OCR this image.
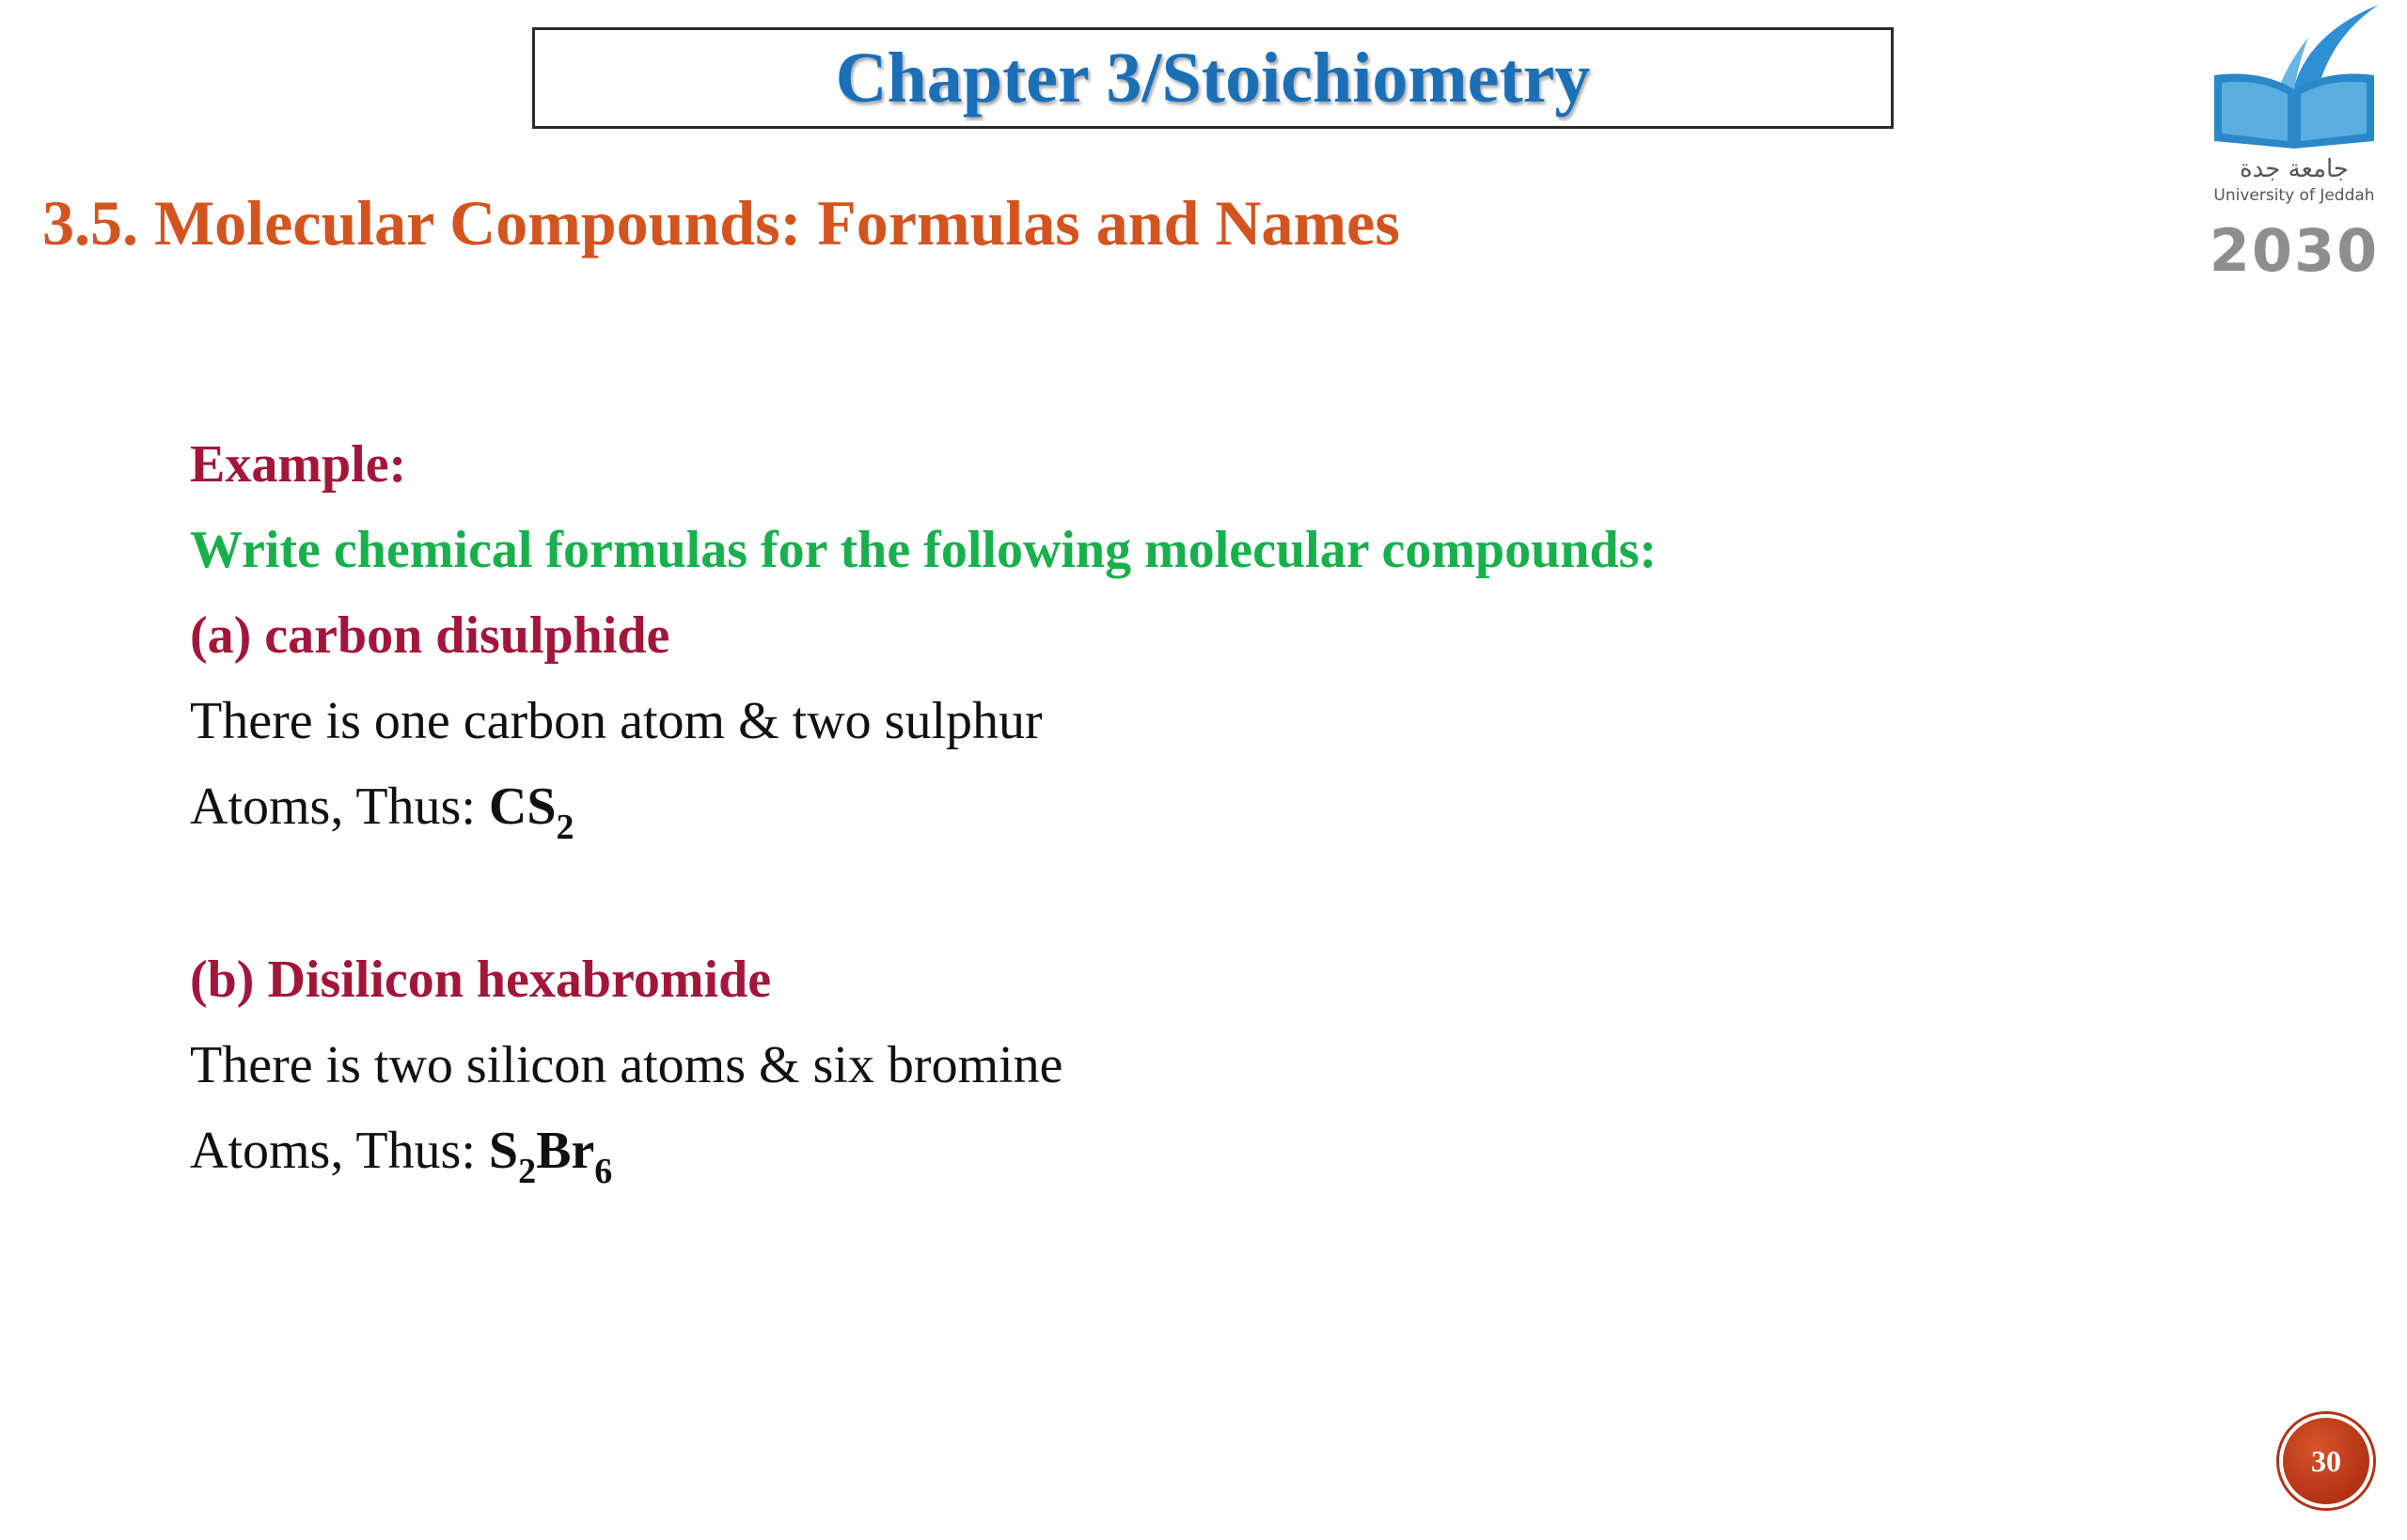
Chapter 3/Stoichiometry
3.5. Molecular Compounds: Formulas and Names
جامعة جدة
University of Jeddah
2030
Example:
Write chemical formulas for the following molecular compounds:
(a) carbon disulphide
There is one carbon atom & two sulphur
Atoms, Thus: $CS_2$
(b) Disilicon hexabromide
There is two silicon atoms & six bromine
Atoms, Thus: $S_2Br_6$
30
